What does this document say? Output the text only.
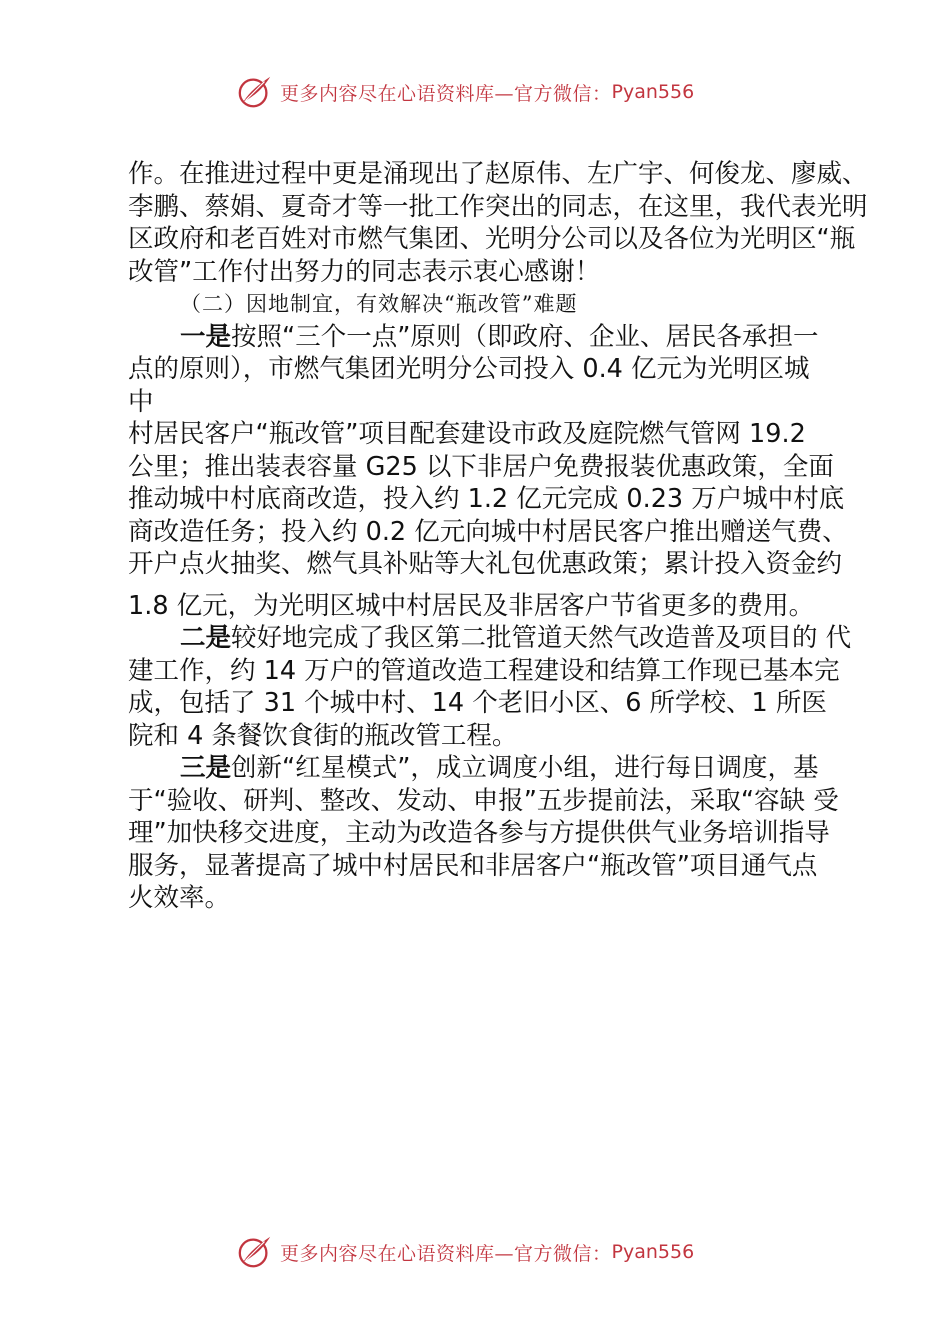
更多内容尽在心语资料库—官方微信： Pyan556
作。在推进过程中更是涌现出了赵原伟、左广宇、何俊龙、廖威、
李鹏、蔡娟、夏奇才等一批工作突出的同志，在这里，我代表光明
区政府和老百姓对市燃气集团、光明分公司以及各位为光明区“瓶
改管”工作付出努力的同志表示衷心感谢！
（二）因地制宜，有效解决“瓶改管”难题
一是按照“三个一点”原则（即政府、企业、居民各承担一
点的原则），市燃气集团光明分公司投入 0.4 亿元为光明区城
中
村居民客户“瓶改管”项目配套建设市政及庭院燃气管网 19.2
公里；推出装表容量 G25 以下非居户免费报装优惠政策，全面
推动城中村底商改造，投入约 1.2 亿元完成 0.23 万户城中村底
商改造任务；投入约 0.2 亿元向城中村居民客户推出赠送气费、
开户点火抽奖、燃气具补贴等大礼包优惠政策；累计投入资金约
1.8 亿元，为光明区城中村居民及非居客户节省更多的费用。
二是较好地完成了我区第二批管道天然气改造普及项目的 代
建工作，约 14 万户的管道改造工程建设和结算工作现已基本完
成，包括了 31 个城中村、14 个老旧小区、6 所学校、1 所医
院和 4 条餐饮食街的瓶改管工程。
三是创新“红星模式”，成立调度小组，进行每日调度，基
于“验收、研判、整改、发动、申报”五步提前法，采取“容缺 受
理”加快移交进度，主动为改造各参与方提供供气业务培训指导
服务，显著提高了城中村居民和非居客户“瓶改管”项目通气点
火效率。
更多内容尽在心语资料库—官方微信： Pyan556
